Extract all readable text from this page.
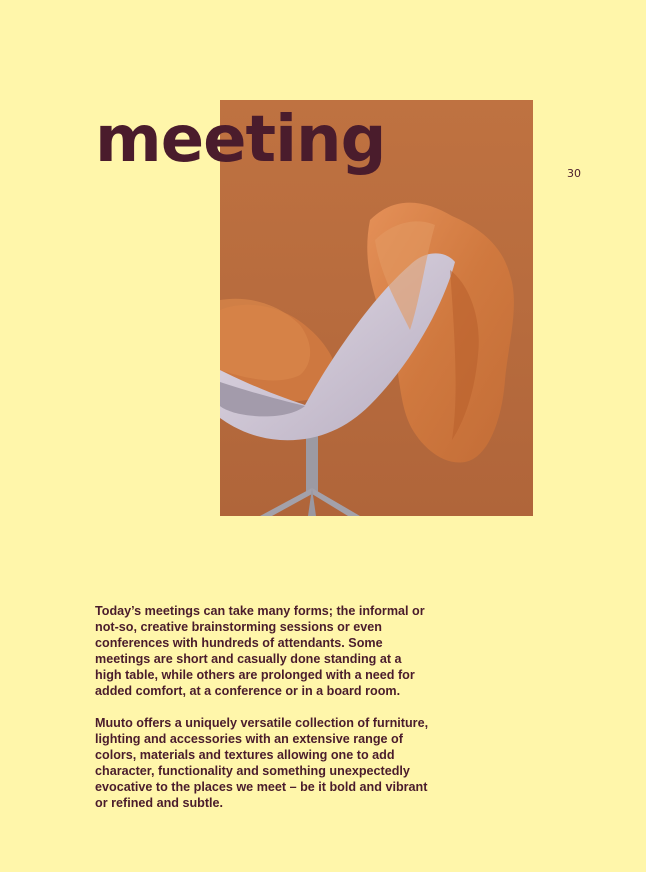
meeting	30

Today’s meetings can take many forms; the informal or not-so, creative brainstorming sessions or even conferences with hundreds of attendants. Some meetings are short and casually done standing at a high table, while others are prolonged with a need for added comfort, at a conference or in a board room.

Muuto offers a uniquely versatile collection of furniture, lighting and accessories with an extensive range of colors, materials and textures allowing one to add character, functionality and something unexpectedly evocative to the places we meet – be it bold and vibrant or refined and subtle.
